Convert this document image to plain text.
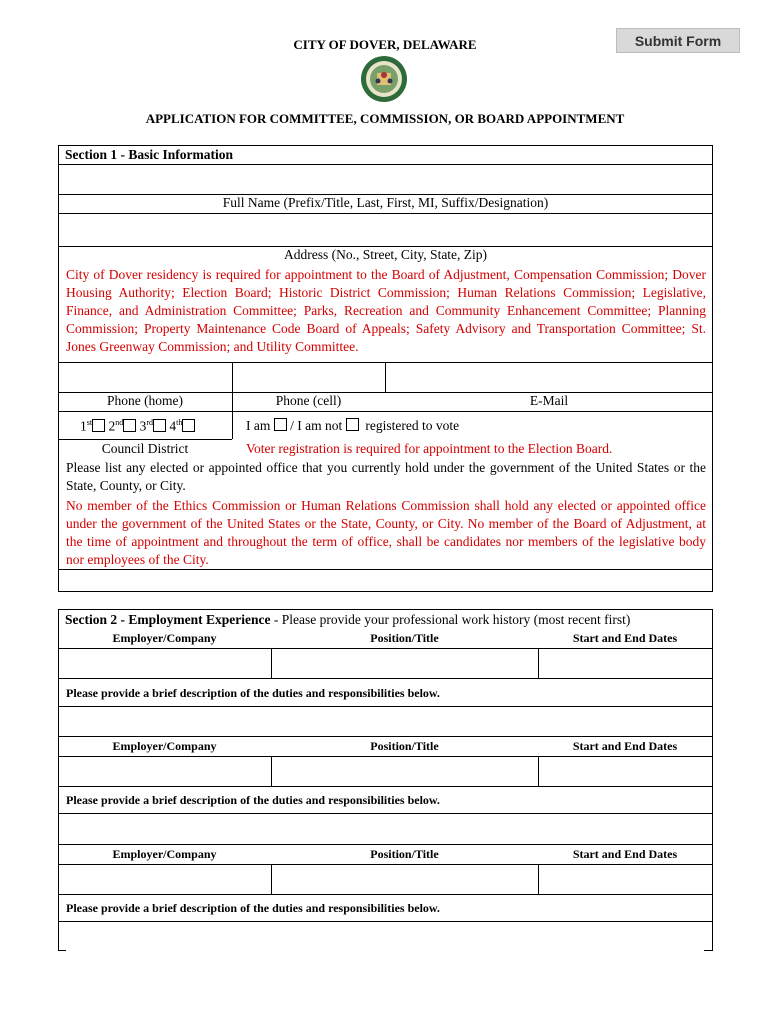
Submit Form
CITY OF DOVER, DELAWARE
APPLICATION FOR COMMITTEE, COMMISSION, OR BOARD APPOINTMENT
Section 1 - Basic Information
Full Name (Prefix/Title, Last, First, MI, Suffix/Designation)
Address (No., Street, City, State, Zip)
City of Dover residency is required for appointment to the Board of Adjustment, Compensation Commission; Dover Housing Authority; Election Board; Historic District Commission; Human Relations Commission; Legislative, Finance, and Administration Committee; Parks, Recreation and Community Enhancement Committee; Planning Commission; Property Maintenance Code Board of Appeals; Safety Advisory and Transportation Committee; St. Jones Greenway Commission; and Utility Committee.
Phone (home)	Phone (cell)	E-Mail
1st 2nd 3rd 4th	I am / I am not registered to vote
Council District	Voter registration is required for appointment to the Election Board.
Please list any elected or appointed office that you currently hold under the government of the United States or the State, County, or City.
No member of the Ethics Commission or Human Relations Commission shall hold any elected or appointed office under the government of the United States or the State, County, or City. No member of the Board of Adjustment, at the time of appointment and throughout the term of office, shall be candidates nor members of the legislative body nor employees of the City.
Section 2 - Employment Experience - Please provide your professional work history (most recent first)
Employer/Company	Position/Title	Start and End Dates
Please provide a brief description of the duties and responsibilities below.
Employer/Company	Position/Title	Start and End Dates
Please provide a brief description of the duties and responsibilities below.
Employer/Company	Position/Title	Start and End Dates
Please provide a brief description of the duties and responsibilities below.
